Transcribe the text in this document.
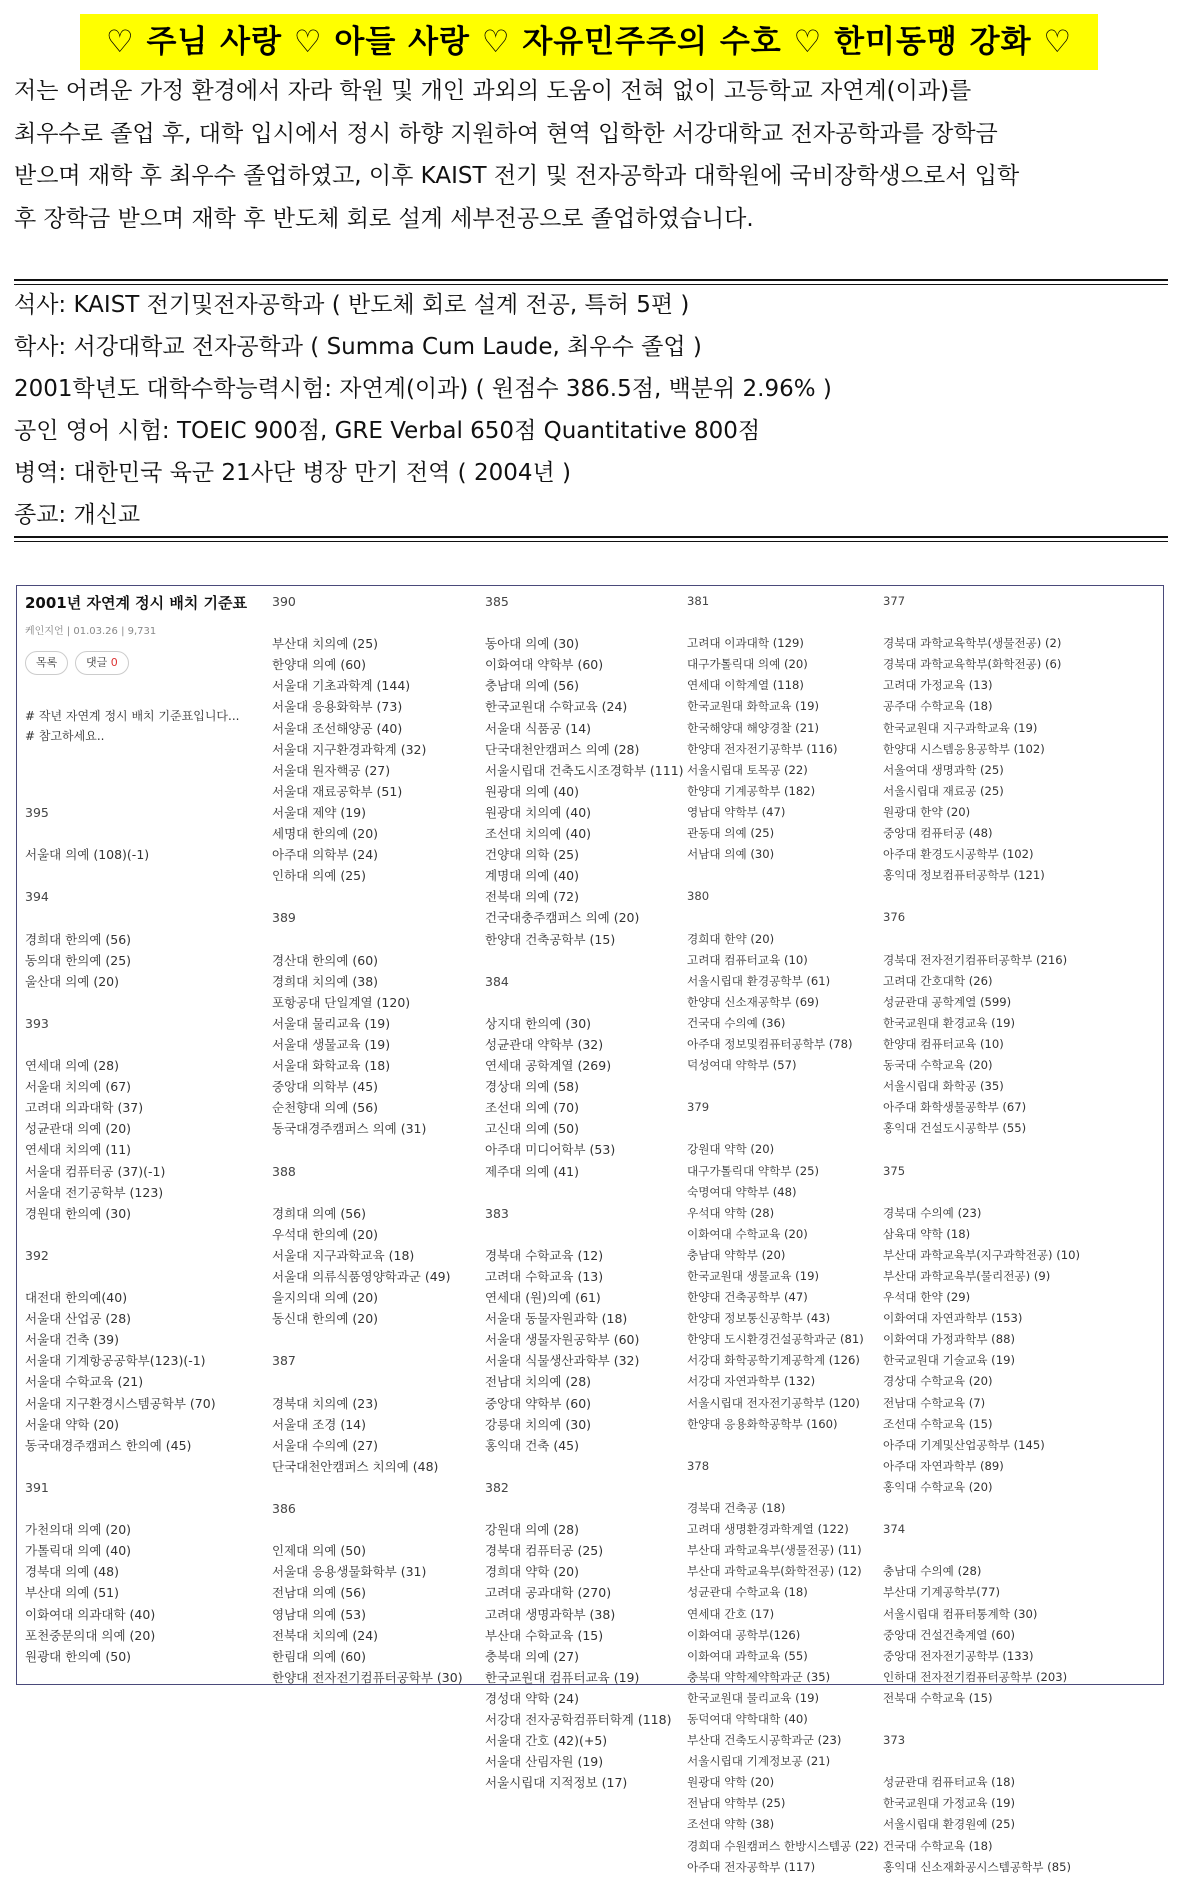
♡ 주님 사랑 ♡ 아들 사랑 ♡ 자유민주주의 수호 ♡ 한미동맹 강화 ♡
저는 어려운 가정 환경에서 자라 학원 및 개인 과외의 도움이 전혀 없이 고등학교 자연계(이과)를
최우수로 졸업 후, 대학 입시에서 정시 하향 지원하여 현역 입학한 서강대학교 전자공학과를 장학금
받으며 재학 후 최우수 졸업하였고, 이후 KAIST 전기 및 전자공학과 대학원에 국비장학생으로서 입학
후 장학금 받으며 재학 후 반도체 회로 설계 세부전공으로 졸업하였습니다.
석사: KAIST 전기및전자공학과 ( 반도체 회로 설계 전공, 특허 5편 )
학사: 서강대학교 전자공학과 ( Summa Cum Laude, 최우수 졸업 )
2001학년도 대학수학능력시험: 자연계(이과) ( 원점수 386.5점, 백분위 2.96% )
공인 영어 시험: TOEIC 900점, GRE Verbal 650점 Quantitative 800점
병역: 대한민국 육군 21사단 병장 만기 전역 ( 2004년 )
종교: 개신교
2001년 자연계 정시 배치 기준표
케인지언 | 01.03.26 | 9,731
목록	댓글 0
# 작년 자연계 정시 배치 기준표입니다...
# 참고하세요..
395
서울대 의예 (108)(-1)
394
경희대 한의예 (56)
동의대 한의예 (25)
울산대 의예 (20)
393
연세대 의예 (28)
서울대 치의예 (67)
고려대 의과대학 (37)
성균관대 의예 (20)
연세대 치의예 (11)
서울대 컴퓨터공 (37)(-1)
서울대 전기공학부 (123)
경원대 한의예 (30)
392
대전대 한의예(40)
서울대 산업공 (28)
서울대 건축 (39)
서울대 기계항공공학부(123)(-1)
서울대 수학교육 (21)
서울대 지구환경시스템공학부 (70)
서울대 약학 (20)
동국대경주캠퍼스 한의예 (45)
391
가천의대 의예 (20)
가톨릭대 의예 (40)
경북대 의예 (48)
부산대 의예 (51)
이화여대 의과대학 (40)
포천중문의대 의예 (20)
원광대 한의예 (50)
390
부산대 치의예 (25)
한양대 의예 (60)
서울대 기초과학계 (144)
서울대 응용화학부 (73)
서울대 조선해양공 (40)
서울대 지구환경과학계 (32)
서울대 원자핵공 (27)
서울대 재료공학부 (51)
서울대 제약 (19)
세명대 한의예 (20)
아주대 의학부 (24)
인하대 의예 (25)
389
경산대 한의예 (60)
경희대 치의예 (38)
포항공대 단일계열 (120)
서울대 물리교육 (19)
서울대 생물교육 (19)
서울대 화학교육 (18)
중앙대 의학부 (45)
순천향대 의예 (56)
동국대경주캠퍼스 의예 (31)
388
경희대 의예 (56)
우석대 한의예 (20)
서울대 지구과학교육 (18)
서울대 의류식품영양학과군 (49)
을지의대 의예 (20)
동신대 한의예 (20)
387
경북대 치의예 (23)
서울대 조경 (14)
서울대 수의예 (27)
단국대천안캠퍼스 치의예 (48)
386
인제대 의예 (50)
서울대 응용생물화학부 (31)
전남대 의예 (56)
영남대 의예 (53)
전북대 치의예 (24)
한림대 의예 (60)
한양대 전자전기컴퓨터공학부 (30)
385
동아대 의예 (30)
이화여대 약학부 (60)
충남대 의예 (56)
한국교원대 수학교육 (24)
서울대 식품공 (14)
단국대천안캠퍼스 의예 (28)
서울시립대 건축도시조경학부 (111)
원광대 의예 (40)
원광대 치의예 (40)
조선대 치의예 (40)
건양대 의학 (25)
계명대 의예 (40)
전북대 의예 (72)
건국대충주캠퍼스 의예 (20)
한양대 건축공학부 (15)
384
상지대 한의예 (30)
성균관대 약학부 (32)
연세대 공학계열 (269)
경상대 의예 (58)
조선대 의예 (70)
고신대 의예 (50)
아주대 미디어학부 (53)
제주대 의예 (41)
383
경북대 수학교육 (12)
고려대 수학교육 (13)
연세대 (원)의예 (61)
서울대 동물자원과학 (18)
서울대 생물자원공학부 (60)
서울대 식물생산과학부 (32)
전남대 치의예 (28)
중앙대 약학부 (60)
강릉대 치의예 (30)
홍익대 건축 (45)
382
강원대 의예 (28)
경북대 컴퓨터공 (25)
경희대 약학 (20)
고려대 공과대학 (270)
고려대 생명과학부 (38)
부산대 수학교육 (15)
충북대 의예 (27)
한국교원대 컴퓨터교육 (19)
경성대 약학 (24)
서강대 전자공학컴퓨터학계 (118)
서울대 간호 (42)(+5)
서울대 산림자원 (19)
서울시립대 지적정보 (17)
381
고려대 이과대학 (129)
대구가톨릭대 의예 (20)
연세대 이학계열 (118)
한국교원대 화학교육 (19)
한국해양대 해양경찰 (21)
한양대 전자전기공학부 (116)
서울시립대 토목공 (22)
한양대 기계공학부 (182)
영남대 약학부 (47)
관동대 의예 (25)
서남대 의예 (30)
380
경희대 한약 (20)
고려대 컴퓨터교육 (10)
서울시립대 환경공학부 (61)
한양대 신소재공학부 (69)
건국대 수의예 (36)
아주대 정보및컴퓨터공학부 (78)
덕성여대 약학부 (57)
379
강원대 약학 (20)
대구가톨릭대 약학부 (25)
숙명여대 약학부 (48)
우석대 약학 (28)
이화여대 수학교육 (20)
충남대 약학부 (20)
한국교원대 생물교육 (19)
한양대 건축공학부 (47)
한양대 정보통신공학부 (43)
한양대 도시환경건설공학과군 (81)
서강대 화학공학기계공학계 (126)
서강대 자연과학부 (132)
서울시립대 전자전기공학부 (120)
한양대 응용화학공학부 (160)
378
경북대 건축공 (18)
고려대 생명환경과학계열 (122)
부산대 과학교육부(생물전공) (11)
부산대 과학교육부(화학전공) (12)
성균관대 수학교육 (18)
연세대 간호 (17)
이화여대 공학부(126)
이화여대 과학교육 (55)
충북대 약학제약학과군 (35)
한국교원대 물리교육 (19)
동덕여대 약학대학 (40)
부산대 건축도시공학과군 (23)
서울시립대 기계정보공 (21)
원광대 약학 (20)
전남대 약학부 (25)
조선대 약학 (38)
경희대 수원캠퍼스 한방시스템공 (22)
아주대 전자공학부 (117)
377
경북대 과학교육학부(생물전공) (2)
경북대 과학교육학부(화학전공) (6)
고려대 가정교육 (13)
공주대 수학교육 (18)
한국교원대 지구과학교육 (19)
한양대 시스템응용공학부 (102)
서울여대 생명과학 (25)
서울시립대 재료공 (25)
원광대 한약 (20)
중앙대 컴퓨터공 (48)
아주대 환경도시공학부 (102)
홍익대 정보컴퓨터공학부 (121)
376
경북대 전자전기컴퓨터공학부 (216)
고려대 간호대학 (26)
성균관대 공학계열 (599)
한국교원대 환경교육 (19)
한양대 컴퓨터교육 (10)
동국대 수학교육 (20)
서울시립대 화학공 (35)
아주대 화학생물공학부 (67)
홍익대 건설도시공학부 (55)
375
경북대 수의예 (23)
삼육대 약학 (18)
부산대 과학교육부(지구과학전공) (10)
부산대 과학교육부(물리전공) (9)
우석대 한약 (29)
이화여대 자연과학부 (153)
이화여대 가정과학부 (88)
한국교원대 기술교육 (19)
경상대 수학교육 (20)
전남대 수학교육 (7)
조선대 수학교육 (15)
아주대 기계및산업공학부 (145)
아주대 자연과학부 (89)
홍익대 수학교육 (20)
374
충남대 수의예 (28)
부산대 기계공학부(77)
서울시립대 컴퓨터통계학 (30)
중앙대 건설건축계열 (60)
중앙대 전자전기공학부 (133)
인하대 전자전기컴퓨터공학부 (203)
전북대 수학교육 (15)
373
성균관대 컴퓨터교육 (18)
한국교원대 가정교육 (19)
서울시립대 환경원예 (25)
건국대 수학교육 (18)
홍익대 신소재화공시스템공학부 (85)
